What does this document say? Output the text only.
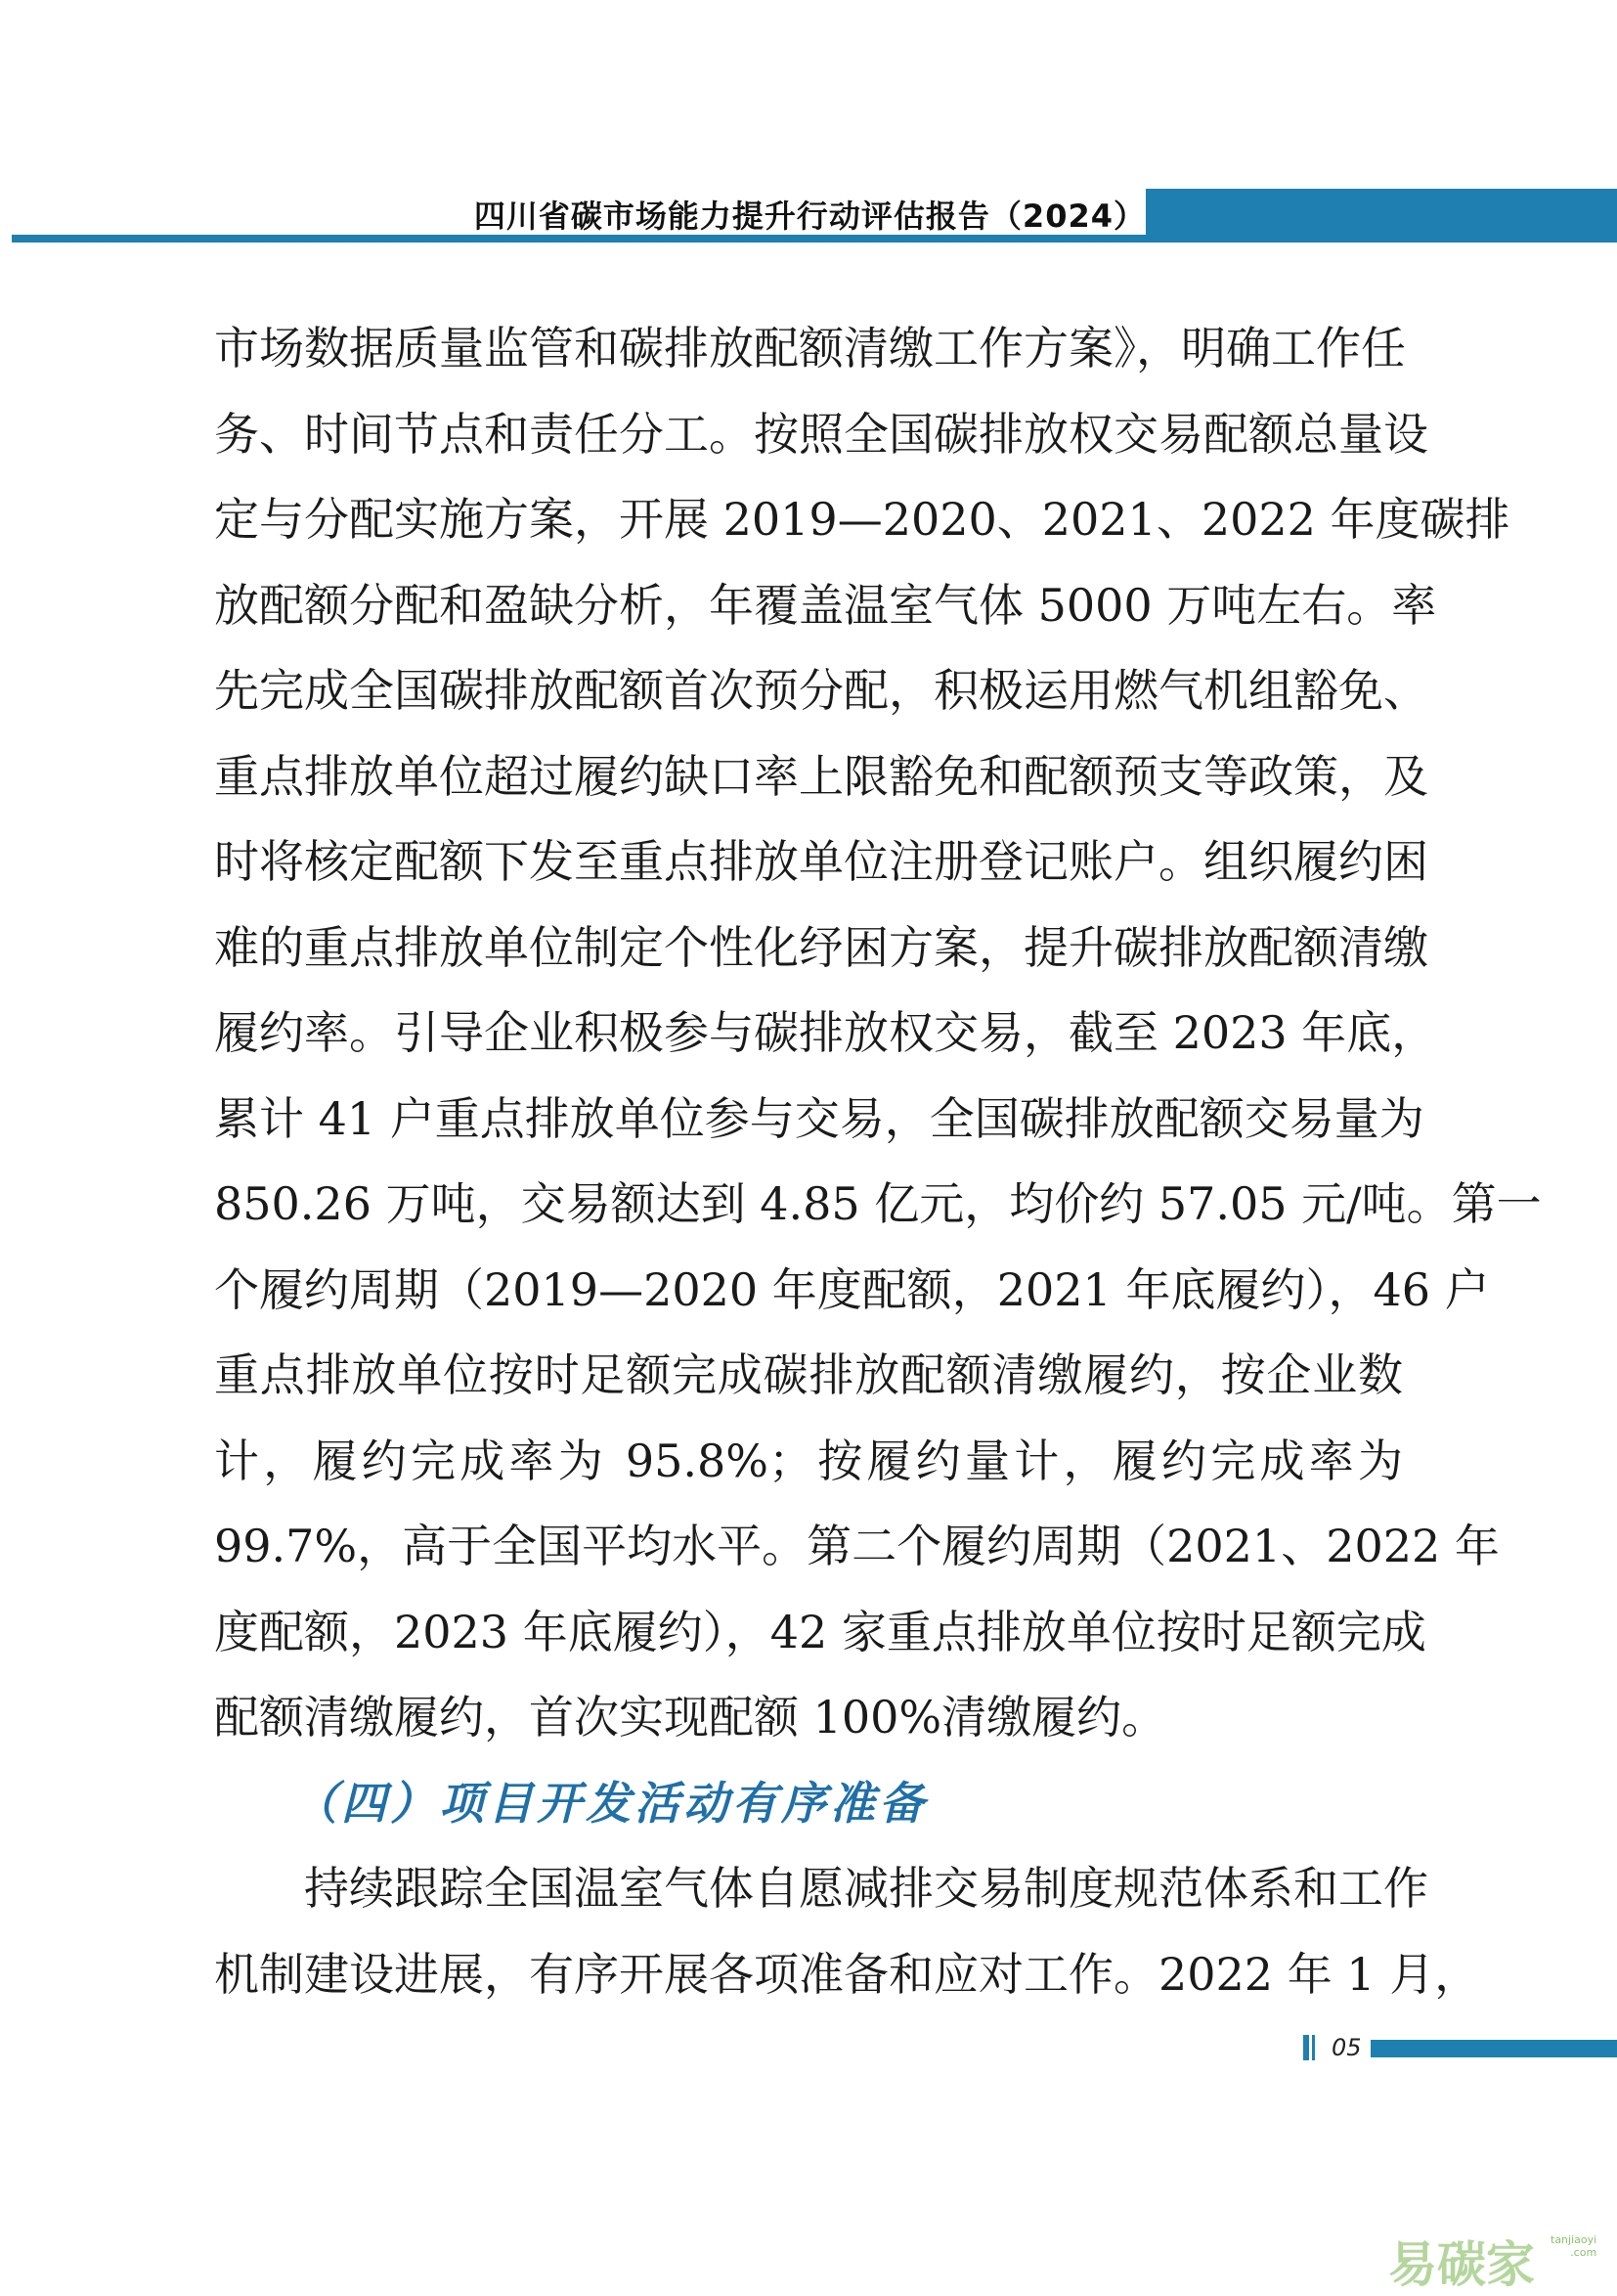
四川省碳市场能力提升行动评估报告（2024）

市场数据质量监管和碳排放配额清缴工作方案》，明确工作任

务、时间节点和责任分工。按照全国碳排放权交易配额总量设

定与分配实施方案，开展 2019—2020、2021、2022 年度碳排

放配额分配和盈缺分析，年覆盖温室气体 5000 万吨左右。率

先完成全国碳排放配额首次预分配，积极运用燃气机组豁免、

重点排放单位超过履约缺口率上限豁免和配额预支等政策，及

时将核定配额下发至重点排放单位注册登记账户。组织履约困

难的重点排放单位制定个性化纾困方案，提升碳排放配额清缴

履约率。引导企业积极参与碳排放权交易，截至 2023 年底，

累计 41 户重点排放单位参与交易，全国碳排放配额交易量为

850.26 万吨，交易额达到 4.85 亿元，均价约 57.05 元/吨。第一

个履约周期（2019—2020 年度配额，2021 年底履约），46 户

重点排放单位按时足额完成碳排放配额清缴履约，按企业数

计，履约完成率为 95.8%；按履约量计，履约完成率为

99.7%，高于全国平均水平。第二个履约周期（2021、2022 年

度配额，2023 年底履约），42 家重点排放单位按时足额完成

配额清缴履约，首次实现配额 100%清缴履约。

（四）项目开发活动有序准备

持续跟踪全国温室气体自愿减排交易制度规范体系和工作

机制建设进展，有序开展各项准备和应对工作。2022 年 1 月，

05
易碳家 tanjiaoyi
.com
